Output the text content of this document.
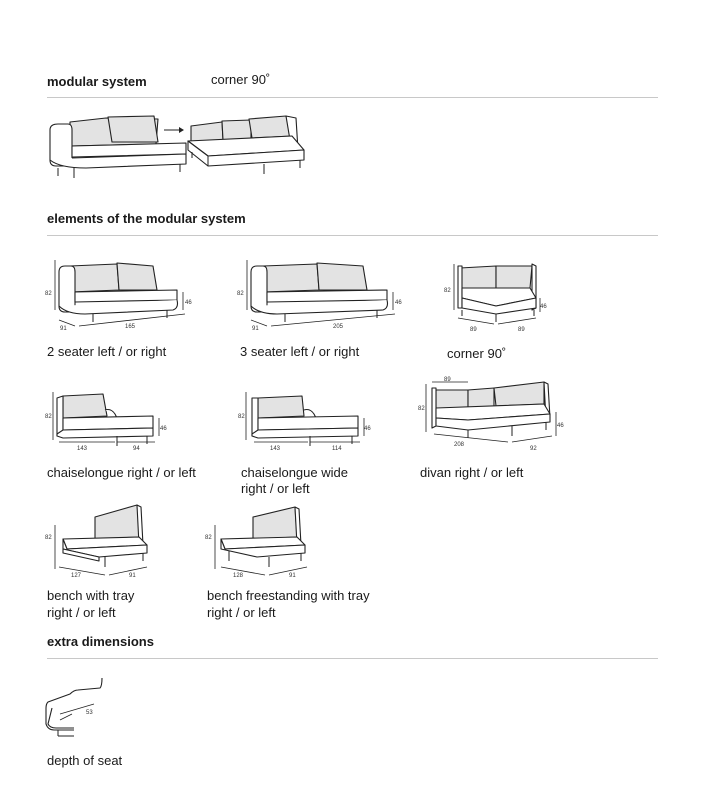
modular system	corner 90˚
elements of the modular system
82
46
91	165
2 seater left / or right
82
46
91	205
3 seater left / or right
82
46
89	89
corner 90˚
82
46
143	94
chaiselongue right / or left
82
46
143	114
chaiselongue wide
right / or left
89
82
46
208
92
divan right / or left
82
127	91
bench with tray
right / or left
82
128	91
bench freestanding with tray
right / or left
extra dimensions
53
depth of seat
